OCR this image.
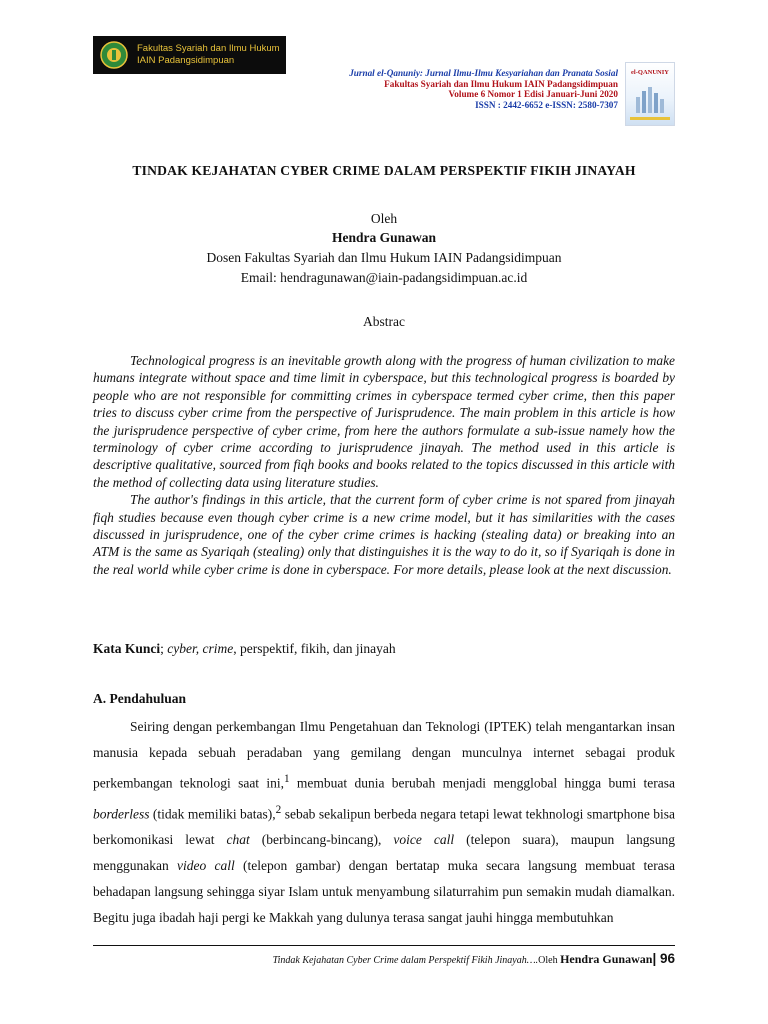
Fakultas Syariah dan Ilmu Hukum
IAIN Padangsidimpuan
Jurnal el-Qanuniy: Jurnal Ilmu-Ilmu Kesyariahan dan Pranata Sosial
Fakultas Syariah dan Ilmu Hukum IAIN Padangsidimpuan
Volume 6 Nomor 1 Edisi Januari-Juni 2020
ISSN : 2442-6652 e-ISSN: 2580-7307
el-QANUNIY
TINDAK KEJAHATAN CYBER CRIME DALAM PERSPEKTIF FIKIH JINAYAH
Oleh
Hendra Gunawan
Dosen Fakultas Syariah dan Ilmu Hukum IAIN Padangsidimpuan
Email: hendragunawan@iain-padangsidimpuan.ac.id
Abstrac

Technological progress is an inevitable growth along with the progress of human civilization to make humans integrate without space and time limit in cyberspace, but this technological progress is boarded by people who are not responsible for committing crimes in cyberspace termed cyber crime, then this paper tries to discuss cyber crime from the perspective of Jurisprudence. The main problem in this article is how the jurisprudence perspective of cyber crime, from here the authors formulate a sub-issue namely how the terminology of cyber crime according to jurisprudence jinayah. The method used in this article is descriptive qualitative, sourced from fiqh books and books related to the topics discussed in this article with the method of collecting data using literature studies.

The author's findings in this article, that the current form of cyber crime is not spared from jinayah fiqh studies because even though cyber crime is a new crime model, but it has similarities with the cases discussed in jurisprudence, one of the cyber crime crimes is hacking (stealing data) or breaking into an ATM is the same as Syariqah (stealing) only that distinguishes it is the way to do it, so if Syariqah is done in the real world while cyber crime is done in cyberspace. For more details, please look at the next discussion.

Kata Kunci; cyber, crime, perspektif, fikih, dan jinayah
A. Pendahuluan

Seiring dengan perkembangan Ilmu Pengetahuan dan Teknologi (IPTEK) telah mengantarkan insan manusia kepada sebuah peradaban yang gemilang dengan munculnya internet sebagai produk perkembangan teknologi saat ini,$^1$ membuat dunia berubah menjadi mengglobal hingga bumi terasa borderless (tidak memiliki batas),$^2$ sebab sekalipun berbeda negara tetapi lewat tekhnologi smartphone bisa berkomonikasi lewat chat (berbincang-bincang), voice call (telepon suara), maupun langsung menggunakan video call (telepon gambar) dengan bertatap muka secara langsung membuat terasa behadapan langsung sehingga siyar Islam untuk menyambung silaturrahim pun semakin mudah diamalkan. Begitu juga ibadah haji pergi ke Makkah yang dulunya terasa sangat jauhi hingga membutuhkan

Tindak Kejahatan Cyber Crime dalam Perspektif Fikih Jinayah….Oleh Hendra Gunawan| 96
